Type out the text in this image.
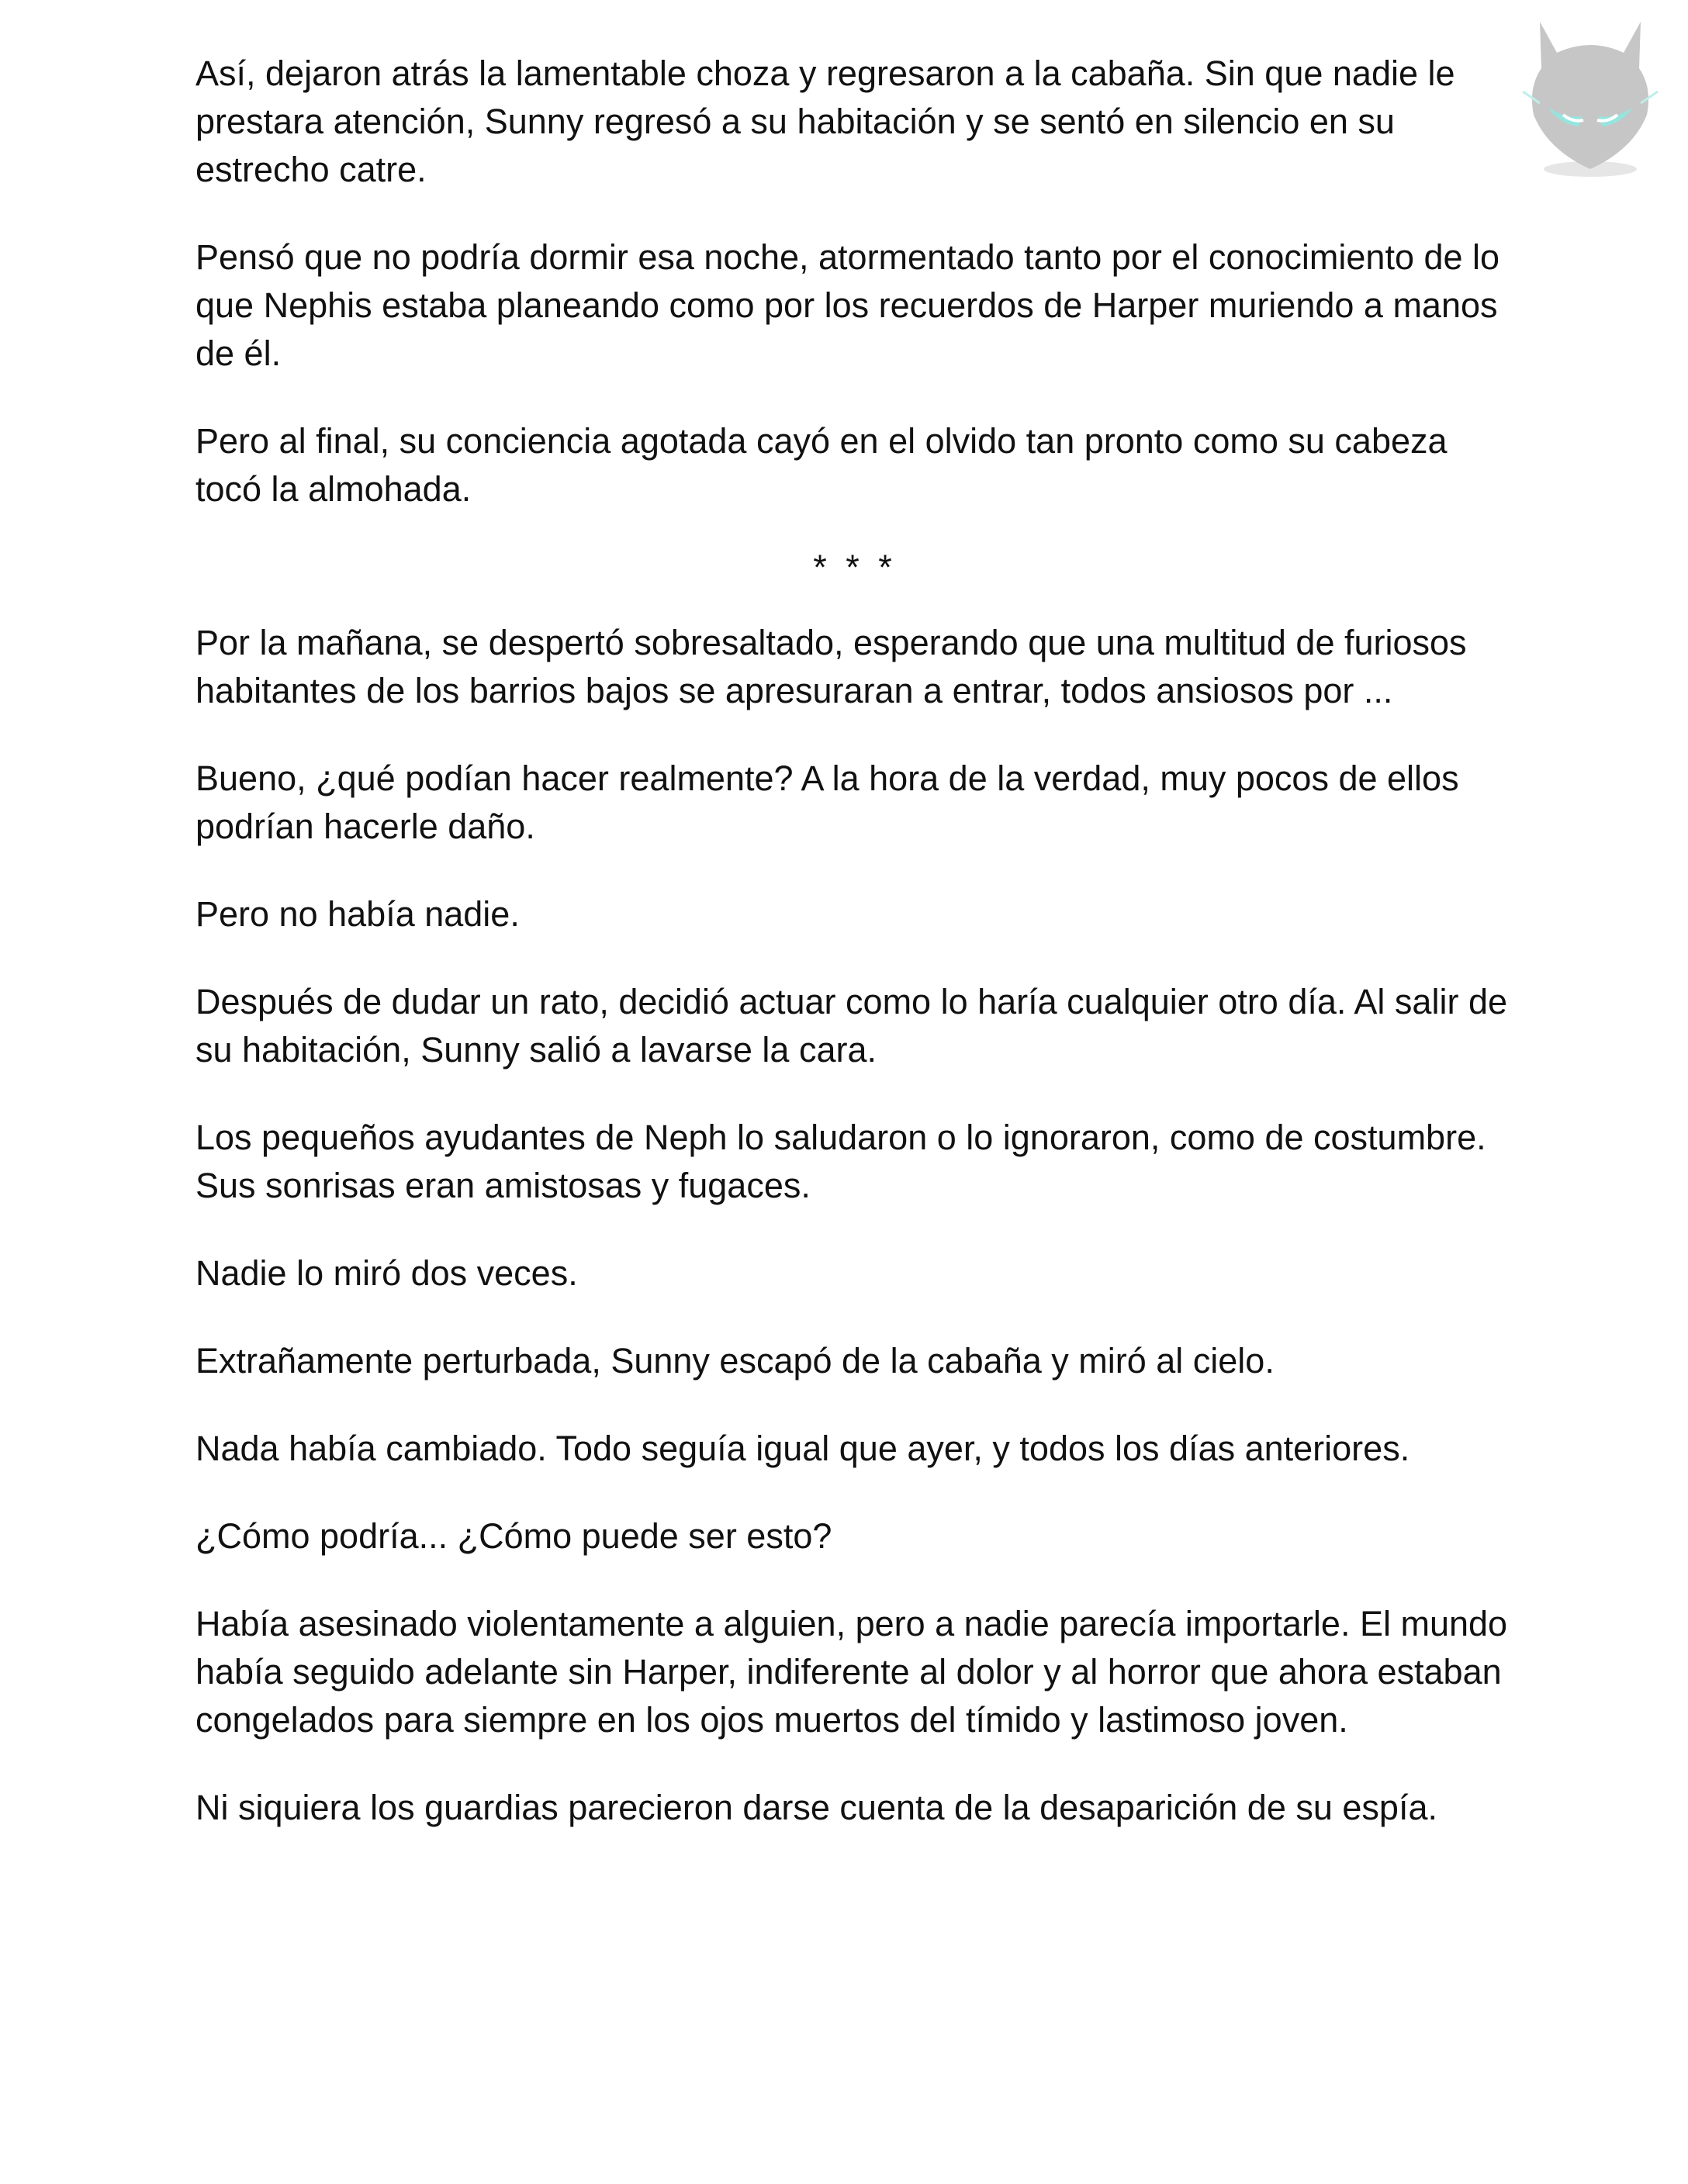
Así, dejaron atrás la lamentable choza y regresaron a la cabaña. Sin que nadie le prestara atención, Sunny regresó a su habitación y se sentó en silencio en su estrecho catre.

Pensó que no podría dormir esa noche, atormentado tanto por el conocimiento de lo que Nephis estaba planeando como por los recuerdos de Harper muriendo a manos de él.

Pero al final, su conciencia agotada cayó en el olvido tan pronto como su cabeza tocó la almohada.

* * *

Por la mañana, se despertó sobresaltado, esperando que una multitud de furiosos habitantes de los barrios bajos se apresuraran a entrar, todos ansiosos por ...

Bueno, ¿qué podían hacer realmente? A la hora de la verdad, muy pocos de ellos podrían hacerle daño.

Pero no había nadie.

Después de dudar un rato, decidió actuar como lo haría cualquier otro día. Al salir de su habitación, Sunny salió a lavarse la cara.

Los pequeños ayudantes de Neph lo saludaron o lo ignoraron, como de costumbre. Sus sonrisas eran amistosas y fugaces.

Nadie lo miró dos veces.

Extrañamente perturbada, Sunny escapó de la cabaña y miró al cielo.

Nada había cambiado. Todo seguía igual que ayer, y todos los días anteriores.

¿Cómo podría... ¿Cómo puede ser esto?

Había asesinado violentamente a alguien, pero a nadie parecía importarle. El mundo había seguido adelante sin Harper, indiferente al dolor y al horror que ahora estaban congelados para siempre en los ojos muertos del tímido y lastimoso joven.

Ni siquiera los guardias parecieron darse cuenta de la desaparición de su espía.
